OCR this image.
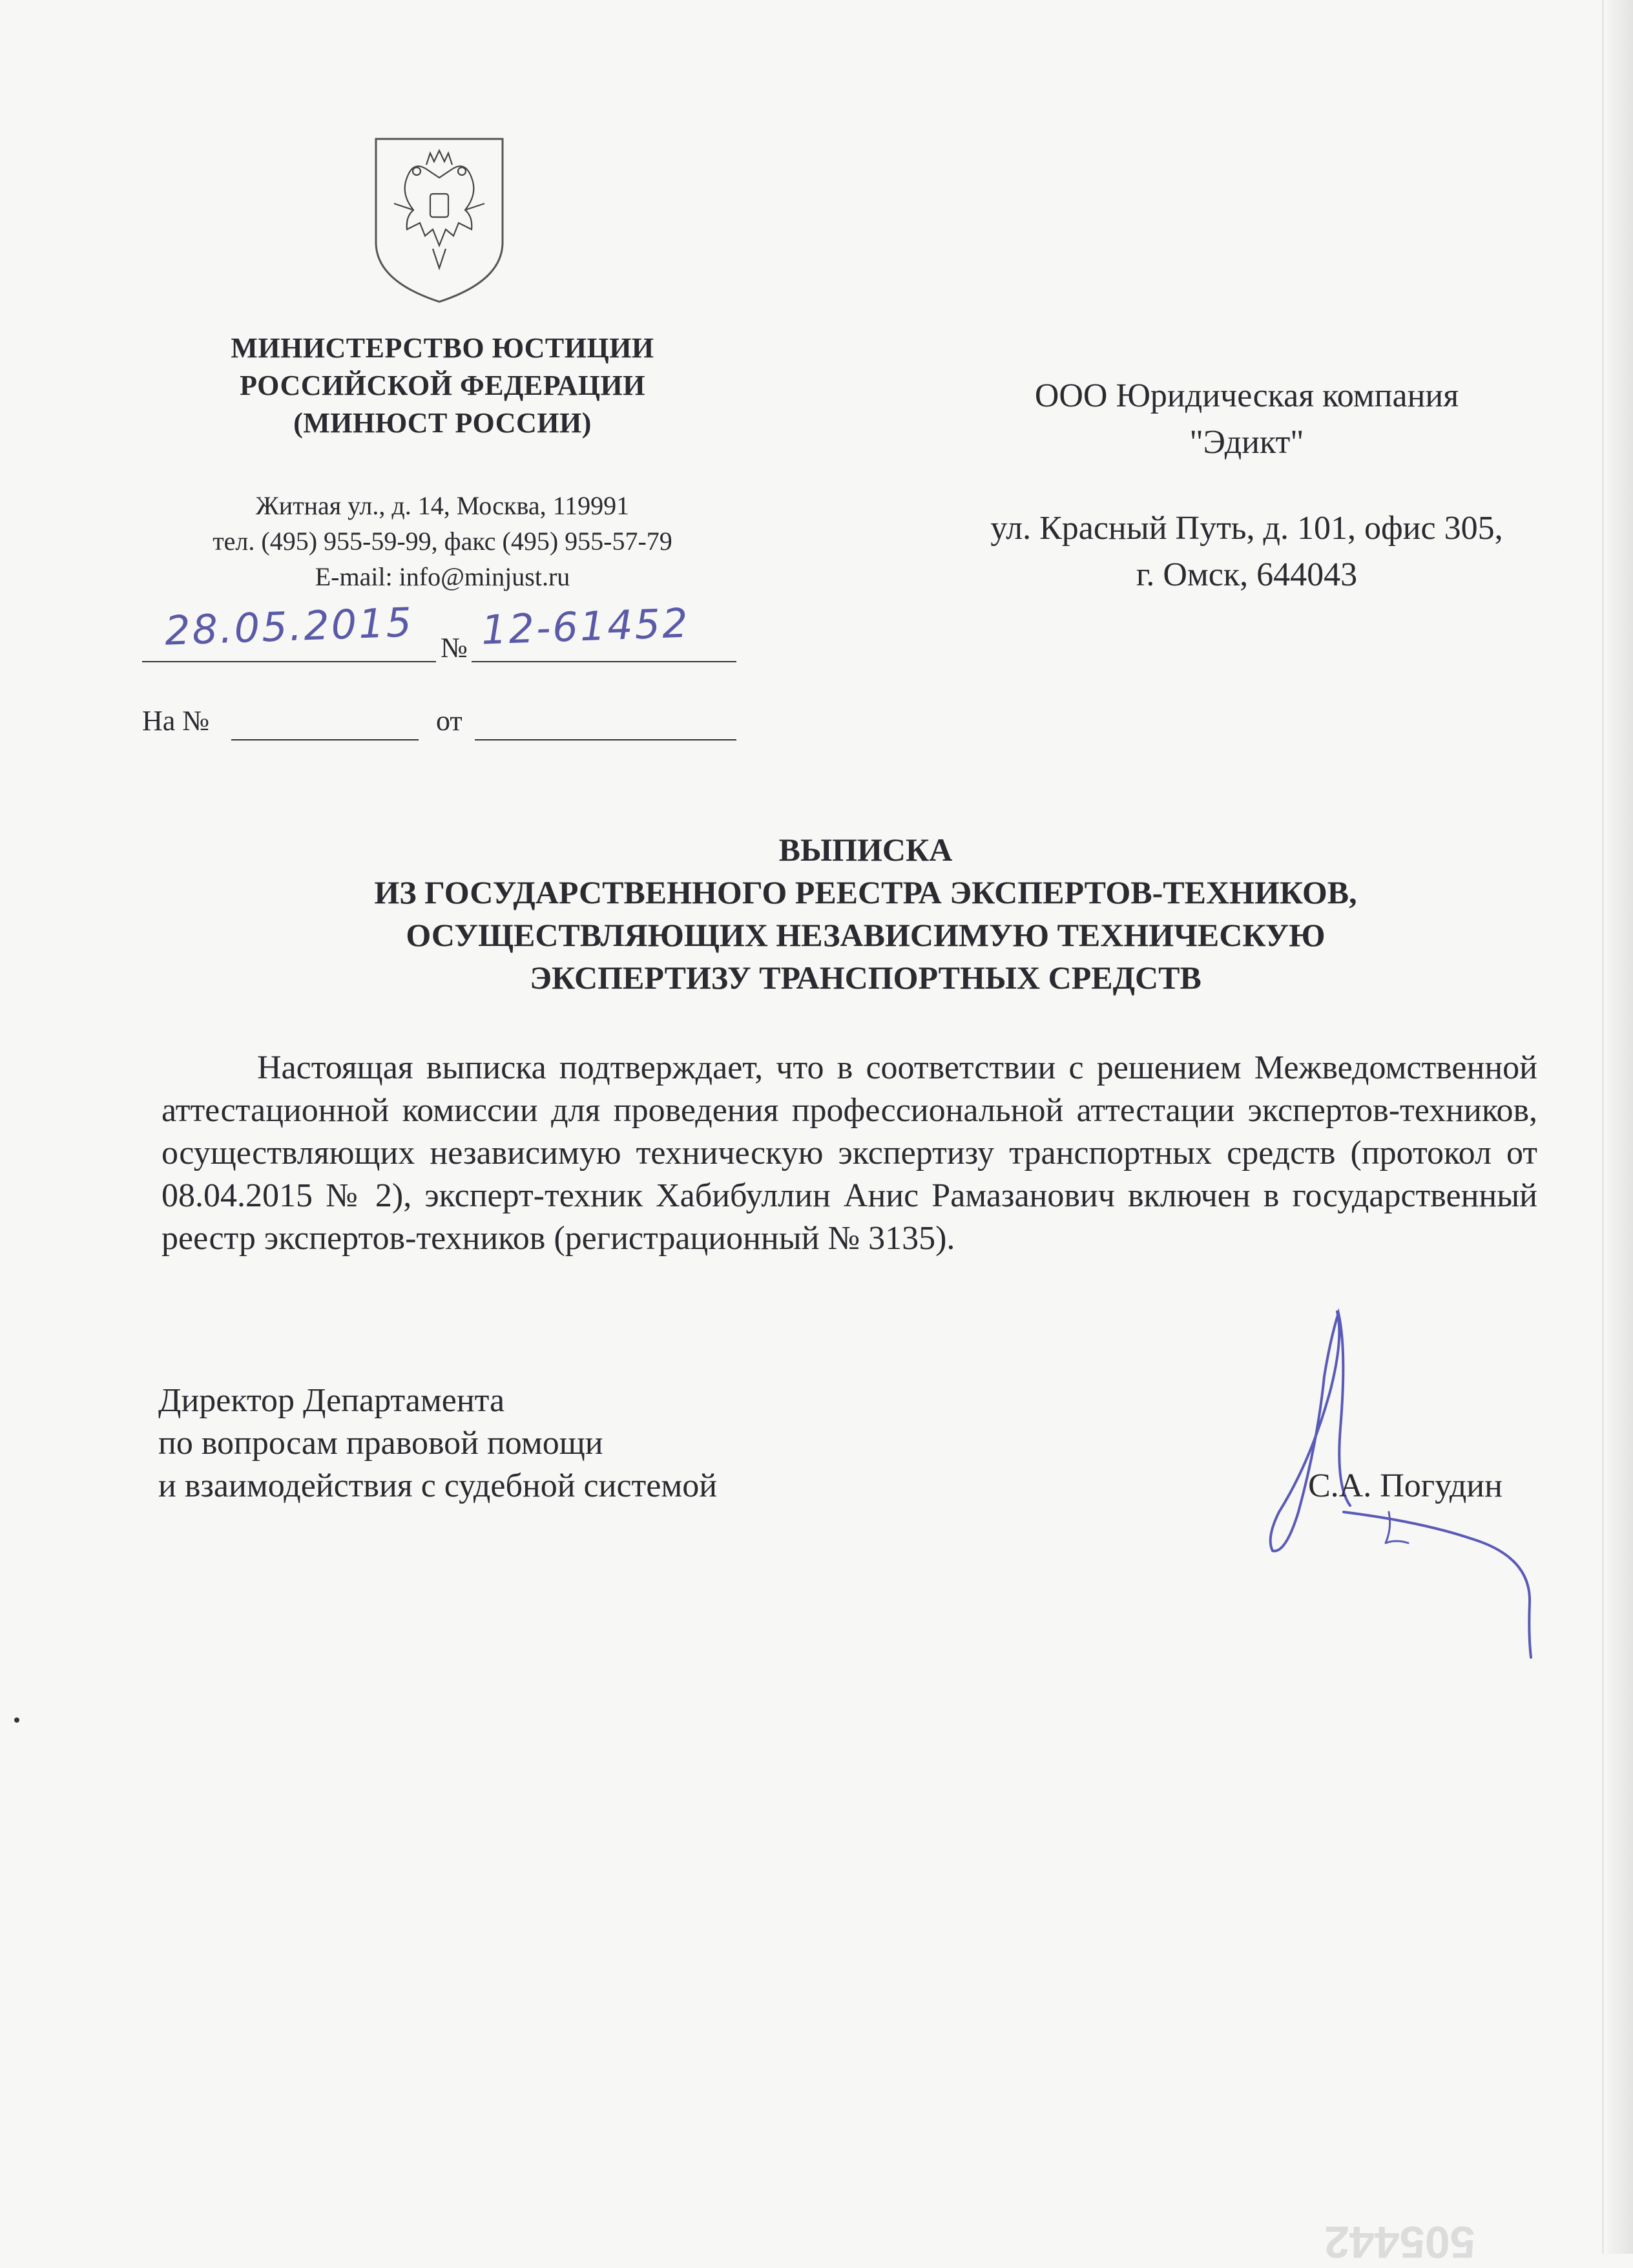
МИНИСТЕРСТВО ЮСТИЦИИ
РОССИЙСКОЙ ФЕДЕРАЦИИ
(МИНЮСТ РОССИИ)
Житная ул., д. 14, Москва, 119991
тел. (495) 955-59-99, факс (495) 955-57-79
E-mail: info@minjust.ru
ООО Юридическая компания
"Эдикт"
ул. Красный Путь, д. 101, офис 305,
г. Омск, 644043
28.05.2015 № 12-61452
На №	от
ВЫПИСКА
ИЗ ГОСУДАРСТВЕННОГО РЕЕСТРА ЭКСПЕРТОВ-ТЕХНИКОВ,
ОСУЩЕСТВЛЯЮЩИХ НЕЗАВИСИМУЮ ТЕХНИЧЕСКУЮ
ЭКСПЕРТИЗУ ТРАНСПОРТНЫХ СРЕДСТВ
Настоящая выписка подтверждает, что в соответствии с решением Межведомственной аттестационной комиссии для проведения профессиональной аттестации экспертов-техников, осуществляющих независимую техническую экспертизу транспортных средств (протокол от 08.04.2015 № 2), эксперт-техник Хабибуллин Анис Рамазанович включен в государственный реестр экспертов-техников (регистрационный № 3135).
Директор Департамента
по вопросам правовой помощи
и взаимодействия с судебной системой	С.А. Погудин
505442
